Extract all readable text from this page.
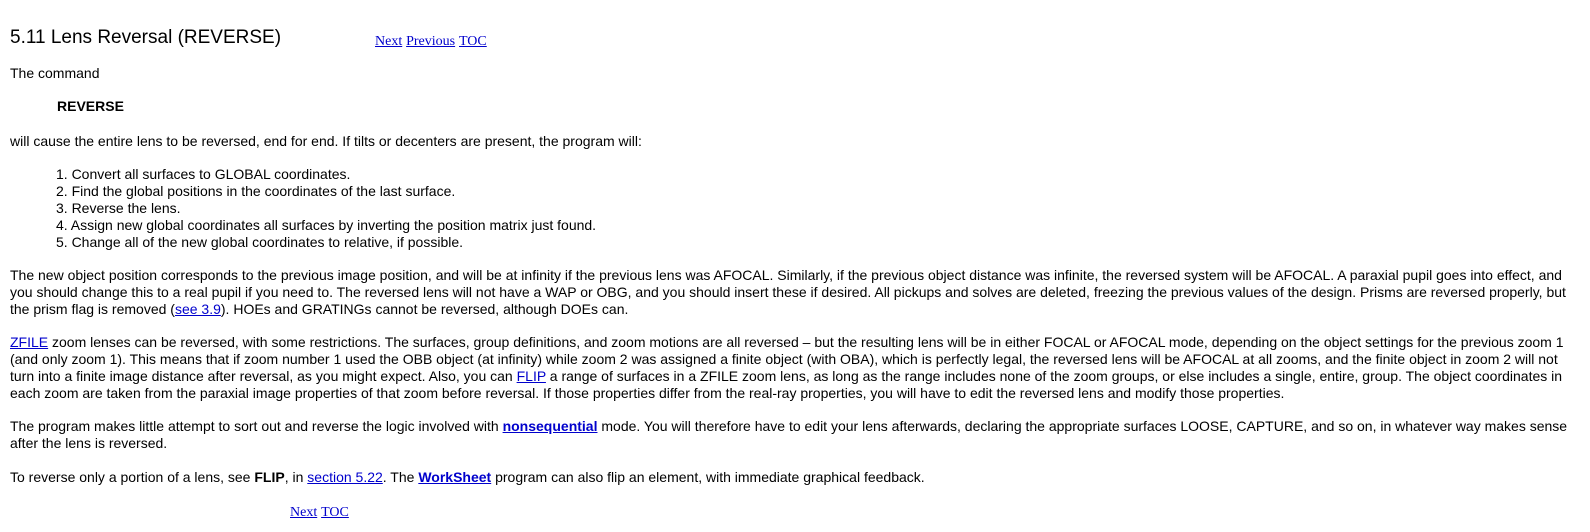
5.11 Lens Reversal (REVERSE)	Next Previous TOC
The command
REVERSE
will cause the entire lens to be reversed, end for end. If tilts or decenters are present, the program will:
1. Convert all surfaces to GLOBAL coordinates.
2. Find the global positions in the coordinates of the last surface.
3. Reverse the lens.
4. Assign new global coordinates all surfaces by inverting the position matrix just found.
5. Change all of the new global coordinates to relative, if possible.
The new object position corresponds to the previous image position, and will be at infinity if the previous lens was AFOCAL. Similarly, if the previous object distance was infinite, the reversed system will be AFOCAL. A paraxial pupil goes into effect, and you should change this to a real pupil if you need to. The reversed lens will not have a WAP or OBG, and you should insert these if desired. All pickups and solves are deleted, freezing the previous values of the design. Prisms are reversed properly, but the prism flag is removed (see 3.9). HOEs and GRATINGs cannot be reversed, although DOEs can.
ZFILE zoom lenses can be reversed, with some restrictions. The surfaces, group definitions, and zoom motions are all reversed – but the resulting lens will be in either FOCAL or AFOCAL mode, depending on the object settings for the previous zoom 1 (and only zoom 1). This means that if zoom number 1 used the OBB object (at infinity) while zoom 2 was assigned a finite object (with OBA), which is perfectly legal, the reversed lens will be AFOCAL at all zooms, and the finite object in zoom 2 will not turn into a finite image distance after reversal, as you might expect. Also, you can FLIP a range of surfaces in a ZFILE zoom lens, as long as the range includes none of the zoom groups, or else includes a single, entire, group. The object coordinates in each zoom are taken from the paraxial image properties of that zoom before reversal. If those properties differ from the real-ray properties, you will have to edit the reversed lens and modify those properties.
The program makes little attempt to sort out and reverse the logic involved with nonsequential mode. You will therefore have to edit your lens afterwards, declaring the appropriate surfaces LOOSE, CAPTURE, and so on, in whatever way makes sense after the lens is reversed.
To reverse only a portion of a lens, see FLIP, in section 5.22. The WorkSheet program can also flip an element, with immediate graphical feedback.
Next TOC
